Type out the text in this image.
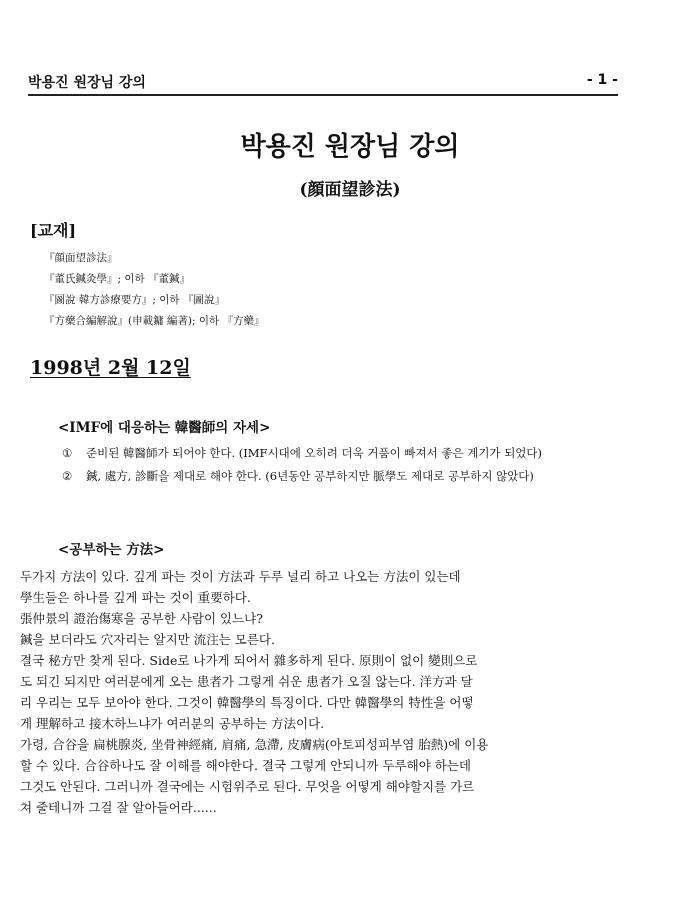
박용진 원장님 강의	- 1 -
박용진 원장님 강의
(顔面望診法)
[교재]
『顔面望診法』
『董氏鍼灸學』; 이하 『董鍼』
『圖說 韓方診療要方』; 이하 『圖說』
『方藥合編解說』(申載鏞 編著); 이하 『方藥』
1998년 2월 12일
<IMF에 대응하는 韓醫師의 자세>
①	준비된 韓醫師가 되어야 한다. (IMF시대에 오히려 더욱 거품이 빠져서 좋은 계기가 되었다)
②	鍼, 處方, 診斷을 제대로 해야 한다. (6년동안 공부하지만 脈學도 제대로 공부하지 않았다)
<공부하는 方法>
두가지 方法이 있다. 깊게 파는 것이 方法과 두루 널리 하고 나오는 方法이 있는데
學生들은 하나를 깊게 파는 것이 重要하다.
張仲景의 證治傷寒을 공부한 사람이 있느냐?
鍼을 보더라도 穴자리는 알지만 流注는 모른다.
결국 秘方만 찾게 된다. Side로 나가게 되어서 雜多하게 된다. 原則이 없이 變則으로
도 되긴 되지만 여러분에게 오는 患者가 그렇게 쉬운 患者가 오질 않는다. 洋方과 달
리 우리는 모두 보아야 한다. 그것이 韓醫學의 특징이다. 다만 韓醫學의 特性을 어떻
게 理解하고 接木하느냐가 여러분의 공부하는 方法이다.
가령, 合谷을 扁桃腺炎, 坐骨神經痛, 肩痛, 急滯, 皮膚病(아토피성피부염 胎熱)에 이용
할 수 있다. 合谷하나도 잘 이해를 해야한다. 결국 그렇게 안되니까 두루해야 하는데
그것도 안된다. 그러니까 결국에는 시험위주로 된다. 무엇을 어떻게 해야할지를 가르
쳐 줄테니까 그걸 잘 알아들어라......
